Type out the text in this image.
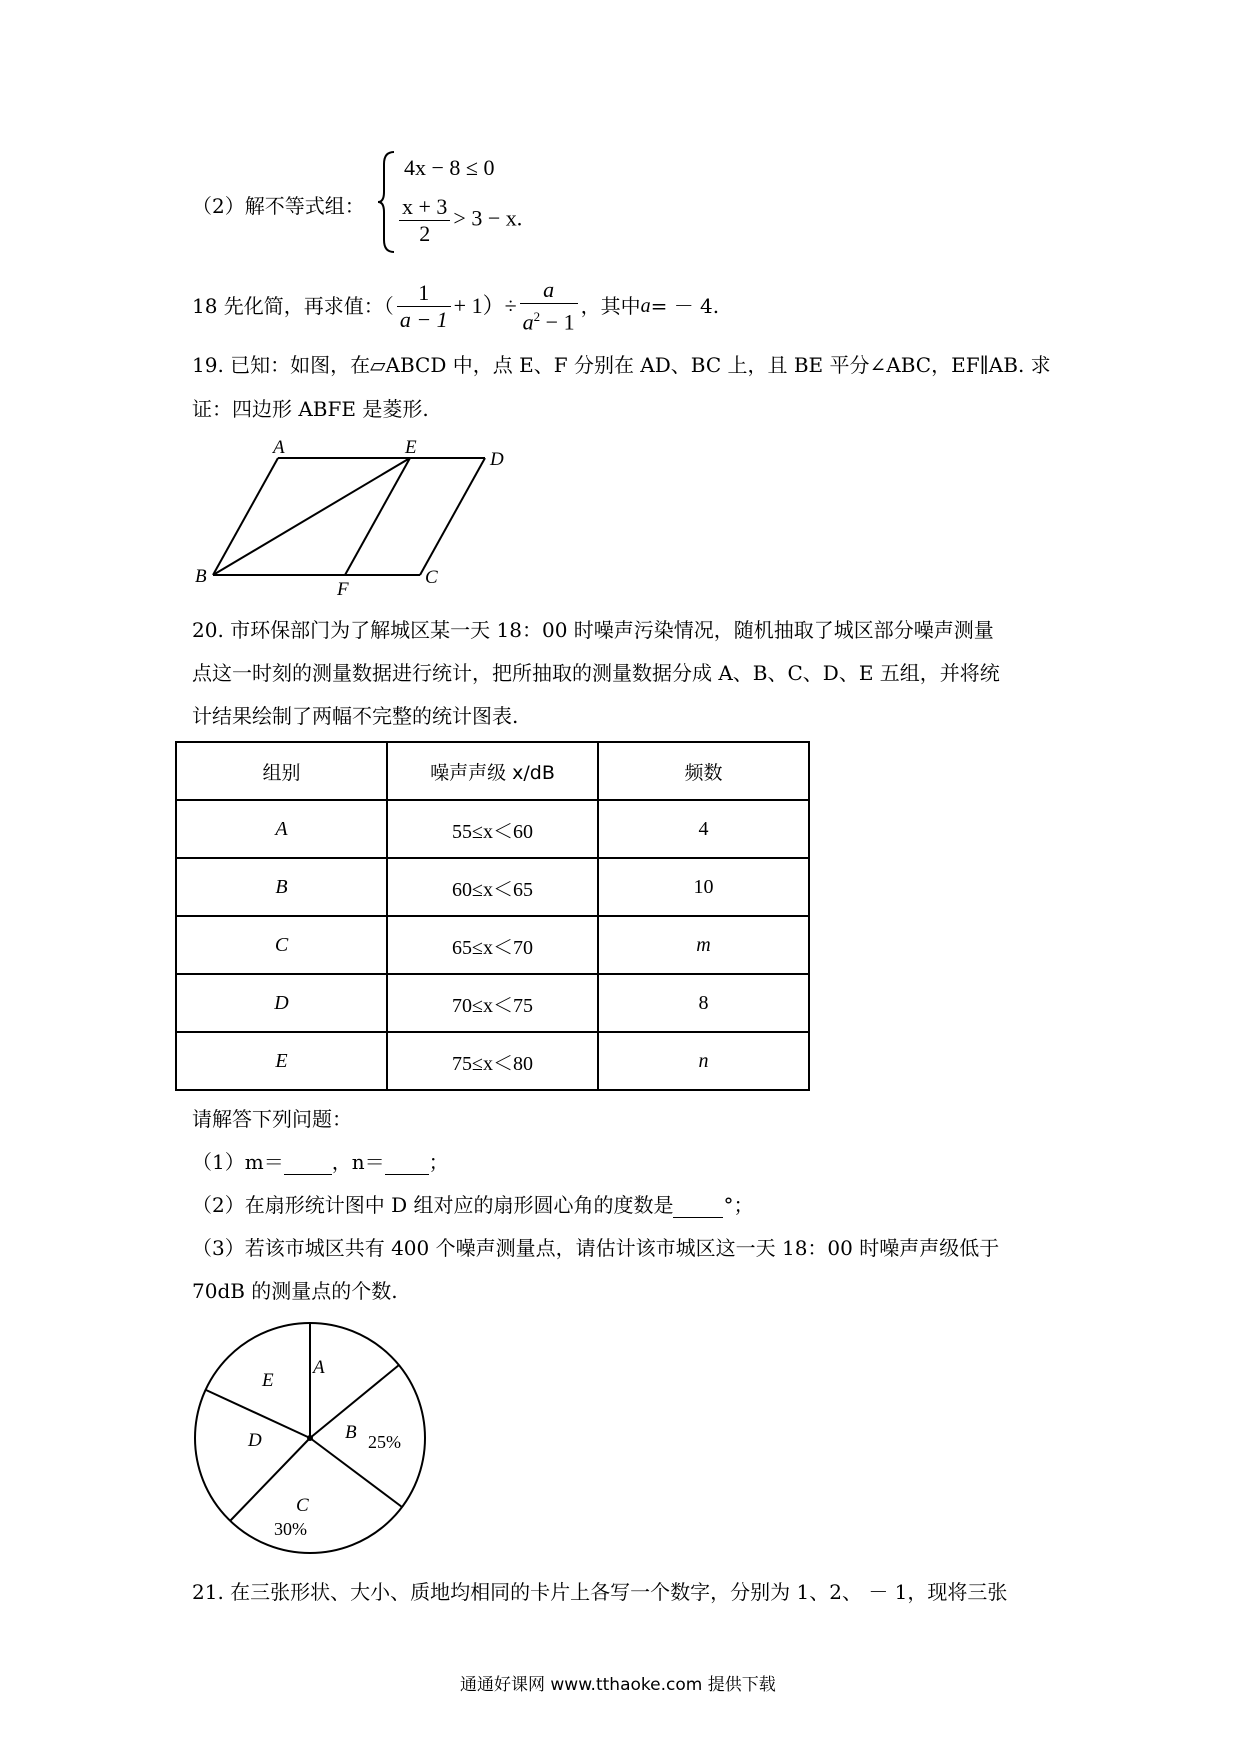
（2）解不等式组：
4x − 8 ≤ 0
$\frac{x + 3}{2} > 3 - x$.
18 先化简，再求值：（ $\frac{1}{a - 1} + 1)\div \frac{a}{a^2 - 1}$ ，其中 a = － 4.
19. 已知：如图，在▱ABCD 中，点 E、F 分别在 AD、BC 上，且 BE 平分∠ABC，EF∥AB. 求
证：四边形 ABFE 是菱形.
A	E
D
B
F
C
20. 市环保部门为了解城区某一天 18：00 时噪声污染情况，随机抽取了城区部分噪声测量
点这一时刻的测量数据进行统计，把所抽取的测量数据分成 A、B、C、D、E 五组，并将统
计结果绘制了两幅不完整的统计图表.
组别	噪声声级 x/dB	频数
A	55≤x＜60	4
B	60≤x＜65	10
C	65≤x＜70	m
D	70≤x＜75	8
E	75≤x＜80	n
请解答下列问题：
（1）m＝ ，n＝ ；
（2）在扇形统计图中 D 组对应的扇形圆心角的度数是	°；
（3）若该市城区共有 400 个噪声测量点，请估计该市城区这一天 18：00 时噪声声级低于
70dB 的测量点的个数.
A
B 25%
C
30%
D
E
21. 在三张形状、大小、质地均相同的卡片上各写一个数字，分别为 1、2、 － 1，现将三张
通通好课网 www.tthaoke.com 提供下载
